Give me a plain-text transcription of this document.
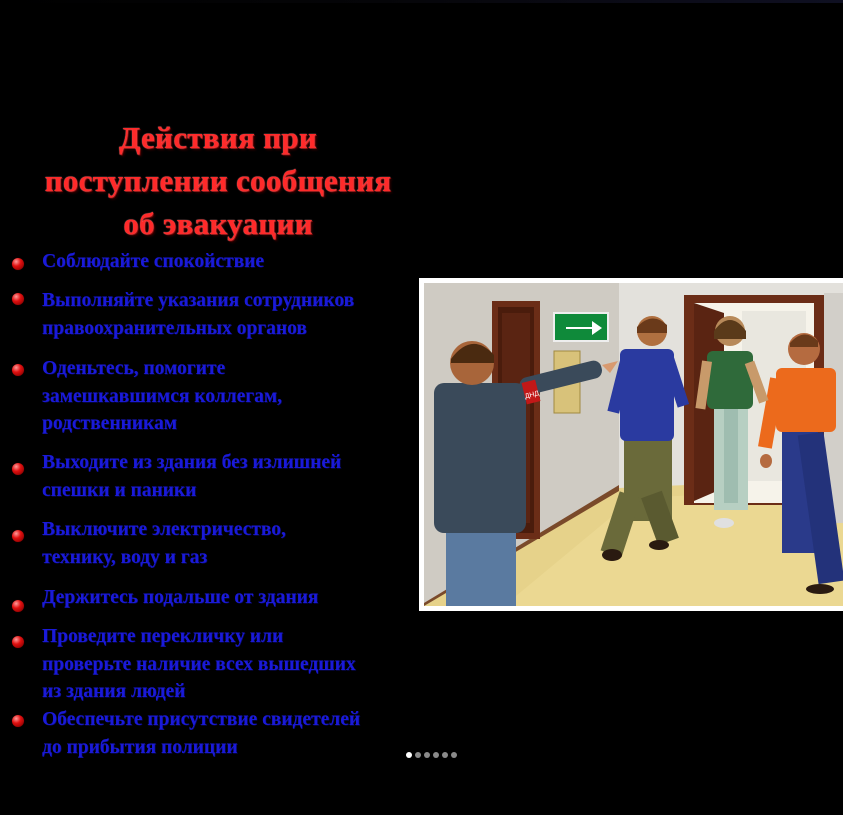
Действия при
поступлении сообщения
об эвакуации
Соблюдайте спокойствие
Выполняйте указания сотрудников
правоохранительных органов
Оденьтесь, помогите
замешкавшимся коллегам,
родственникам
Выходите из здания без излишней
спешки и паники
Выключите электричество,
технику, воду и газ
Держитесь подальше от здания
Проведите перекличку или
проверьте наличие всех вышедших
из здания людей
Обеспечьте присутствие свидетелей
до прибытия полиции
ДНД
